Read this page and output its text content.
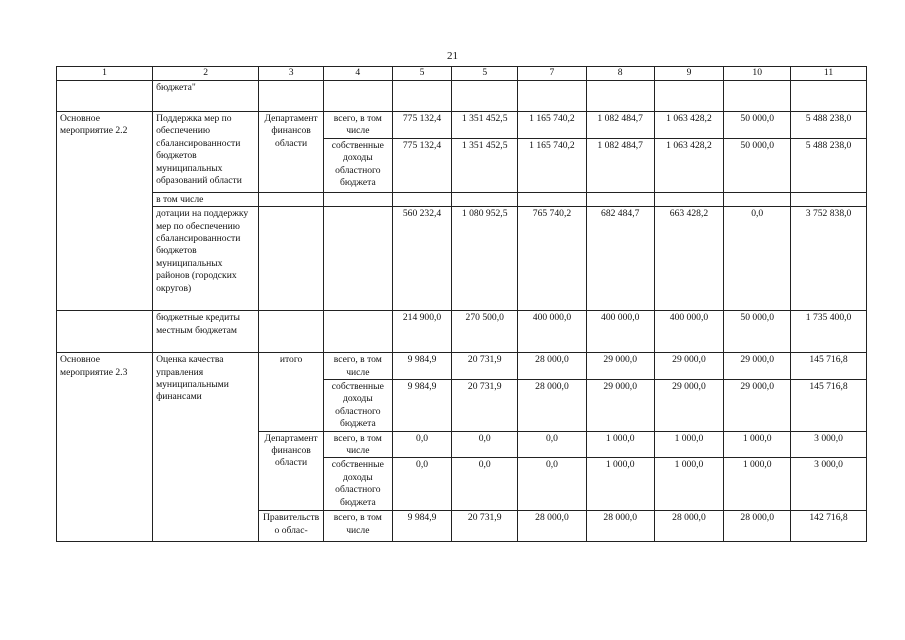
21
1	2	3	4	5	5	7	8	9	10	11
	бюджета"									
Основное мероприятие 2.2	Поддержка мер по обеспечению сбалансированности бюджетов муниципальных образований области	Департамент финансов области	всего, в том числе	775 132,4	1 351 452,5	1 165 740,2	1 082 484,7	1 063 428,2	50 000,0	5 488 238,0
			собственные доходы областного бюджета	775 132,4	1 351 452,5	1 165 740,2	1 082 484,7	1 063 428,2	50 000,0	5 488 238,0
	в том числе									
	дотации на поддержку мер по обеспечению сбалансированности бюджетов муниципальных районов (городских округов)			560 232,4	1 080 952,5	765 740,2	682 484,7	663 428,2	0,0	3 752 838,0
	бюджетные кредиты местным бюджетам			214 900,0	270 500,0	400 000,0	400 000,0	400 000,0	50 000,0	1 735 400,0
Основное мероприятие 2.3	Оценка качества управления муниципальными финансами	итого	всего, в том числе	9 984,9	20 731,9	28 000,0	29 000,0	29 000,0	29 000,0	145 716,8
			собственные доходы областного бюджета	9 984,9	20 731,9	28 000,0	29 000,0	29 000,0	29 000,0	145 716,8
		Департамент финансов области	всего, в том числе	0,0	0,0	0,0	1 000,0	1 000,0	1 000,0	3 000,0
			собственные доходы областного бюджета	0,0	0,0	0,0	1 000,0	1 000,0	1 000,0	3 000,0
		Правительство облас-	всего, в том числе	9 984,9	20 731,9	28 000,0	28 000,0	28 000,0	28 000,0	142 716,8
